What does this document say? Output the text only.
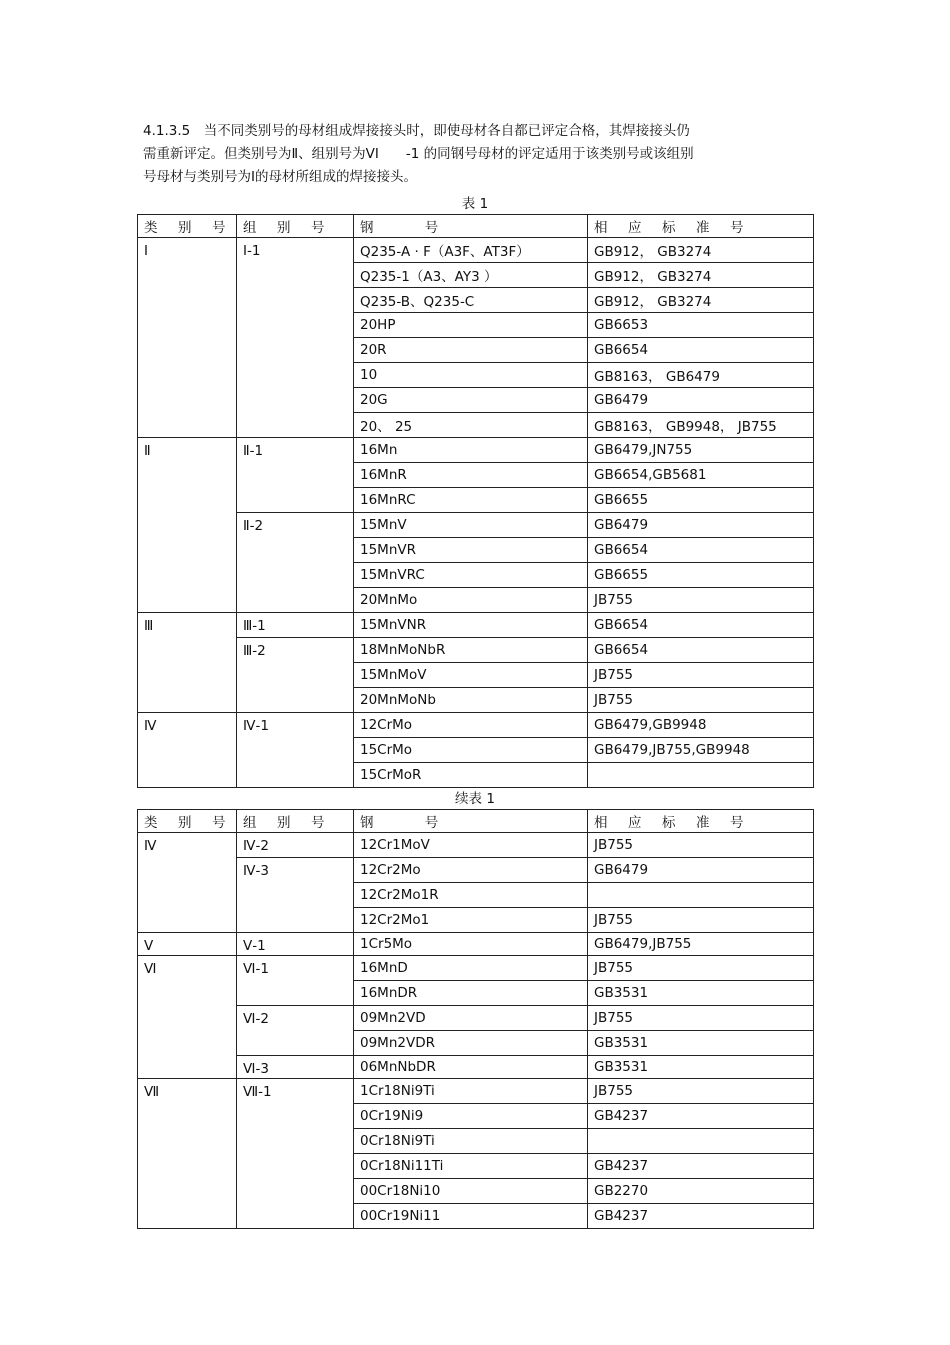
4.1.3.5　当不同类别号的母材组成焊接接头时，即使母材各自都已评定合格，其焊接接头仍
需重新评定。但类别号为Ⅱ、组别号为VI　　-1 的同钢号母材的评定适用于该类别号或该组别
号母材与类别号为Ⅰ的母材所组成的焊接接头。
表 1
类 别 号	组 别 号	钢　　号	相 应 标 准 号
Ⅰ	Ⅰ-1	Q235-A · F（A3F、AT3F）	GB912， GB3274
		Q235-1（A3、AY3 ）	GB912， GB3274
		Q235-B、Q235-C	GB912， GB3274
		20HP	GB6653
		20R	GB6654
		10	GB8163， GB6479
		20G	GB6479
		20、 25	GB8163， GB9948， JB755
Ⅱ	Ⅱ-1	16Mn	GB6479,JN755
		16MnR	GB6654,GB5681
		16MnRC	GB6655
	Ⅱ-2	15MnV	GB6479
		15MnVR	GB6654
		15MnVRC	GB6655
		20MnMo	JB755
Ⅲ	Ⅲ-1	15MnVNR	GB6654
	Ⅲ-2	18MnMoNbR	GB6654
		15MnMoV	JB755
		20MnMoNb	JB755
Ⅳ	Ⅳ-1	12CrMo	GB6479,GB9948
		15CrMo	GB6479,JB755,GB9948
		15CrMoR	
续表 1
类 别 号	组 别 号	钢　　号	相 应 标 准 号
Ⅳ	Ⅳ-2	12Cr1MoV	JB755
	Ⅳ-3	12Cr2Mo	GB6479
		12Cr2Mo1R	
		12Cr2Mo1	JB755
Ⅴ	Ⅴ-1	1Cr5Mo	GB6479,JB755
Ⅵ	Ⅵ-1	16MnD	JB755
		16MnDR	GB3531
	Ⅵ-2	09Mn2VD	JB755
		09Mn2VDR	GB3531
	Ⅵ-3	06MnNbDR	GB3531
Ⅶ	Ⅶ-1	1Cr18Ni9Ti	JB755
		0Cr19Ni9	GB4237
		0Cr18Ni9Ti	
		0Cr18Ni11Ti	GB4237
		00Cr18Ni10	GB2270
		00Cr19Ni11	GB4237
